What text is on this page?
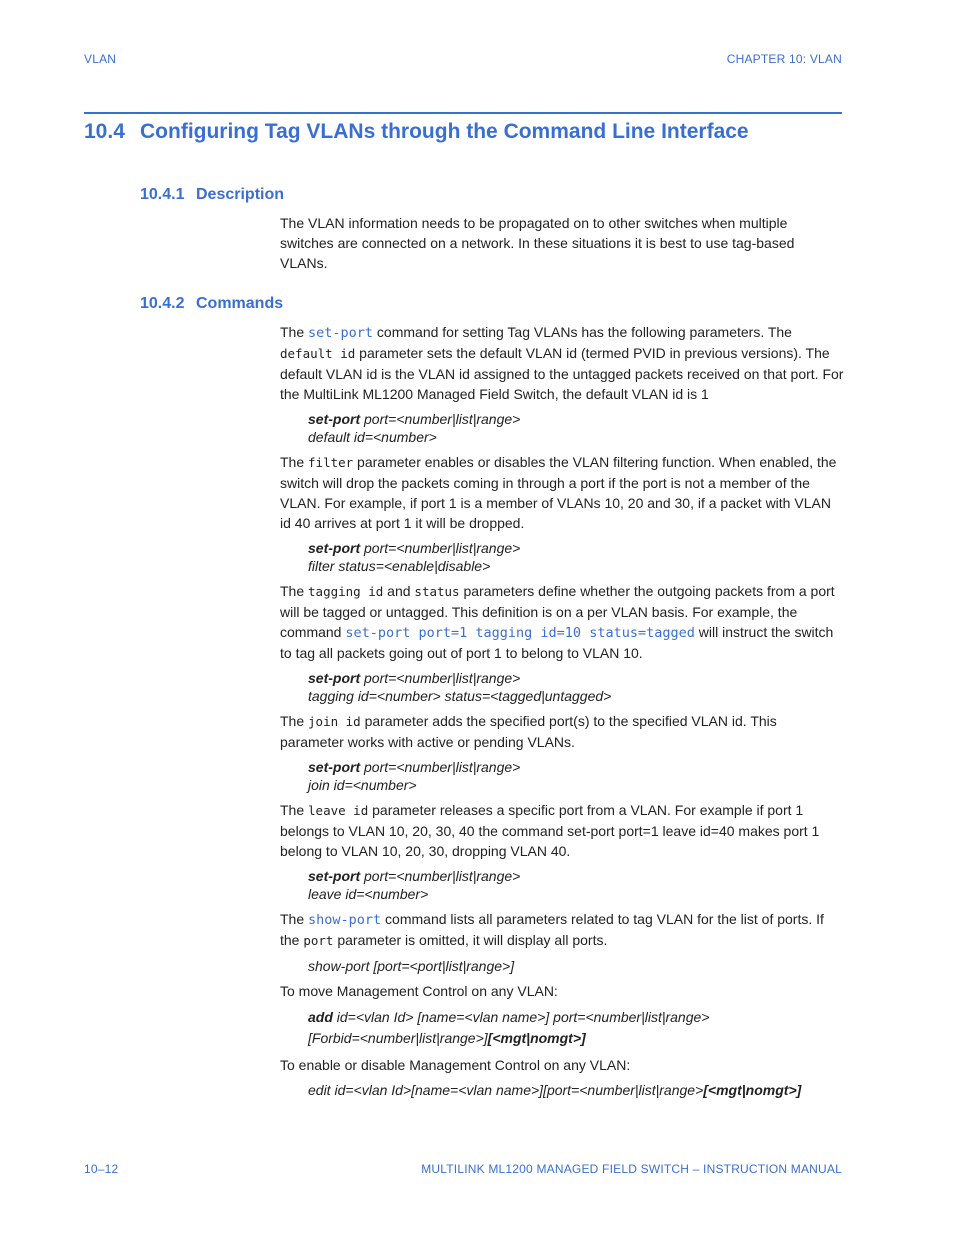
VLAN	CHAPTER 10: VLAN
10.4 Configuring Tag VLANs through the Command Line Interface
10.4.1 Description

The VLAN information needs to be propagated on to other switches when multiple switches are connected on a network. In these situations it is best to use tag-based VLANs.

10.4.2 Commands

The set-port command for setting Tag VLANs has the following parameters. The default id parameter sets the default VLAN id (termed PVID in previous versions). The default VLAN id is the VLAN id assigned to the untagged packets received on that port. For the MultiLink ML1200 Managed Field Switch, the default VLAN id is 1

set-port port=<number|list|range>
default id=<number>

The filter parameter enables or disables the VLAN filtering function. When enabled, the switch will drop the packets coming in through a port if the port is not a member of the VLAN. For example, if port 1 is a member of VLANs 10, 20 and 30, if a packet with VLAN id 40 arrives at port 1 it will be dropped.

set-port port=<number|list|range>
filter status=<enable|disable>

The tagging id and status parameters define whether the outgoing packets from a port will be tagged or untagged. This definition is on a per VLAN basis. For example, the command set-port port=1 tagging id=10 status=tagged will instruct the switch to tag all packets going out of port 1 to belong to VLAN 10.

set-port port=<number|list|range>
tagging id=<number> status=<tagged|untagged>

The join id parameter adds the specified port(s) to the specified VLAN id. This parameter works with active or pending VLANs.

set-port port=<number|list|range>
join id=<number>

The leave id parameter releases a specific port from a VLAN. For example if port 1 belongs to VLAN 10, 20, 30, 40 the command set-port port=1 leave id=40 makes port 1 belong to VLAN 10, 20, 30, dropping VLAN 40.

set-port port=<number|list|range>
leave id=<number>

The show-port command lists all parameters related to tag VLAN for the list of ports. If the port parameter is omitted, it will display all ports.

show-port [port=<port|list|range>]

To move Management Control on any VLAN:

add id=<vlan Id> [name=<vlan name>] port=<number|list|range>
[Forbid=<number|list|range>][<mgt|nomgt>]

To enable or disable Management Control on any VLAN:

edit id=<vlan Id>[name=<vlan name>][port=<number|list|range>[<mgt|nomgt>]
10–12	MULTILINK ML1200 MANAGED FIELD SWITCH – INSTRUCTION MANUAL
